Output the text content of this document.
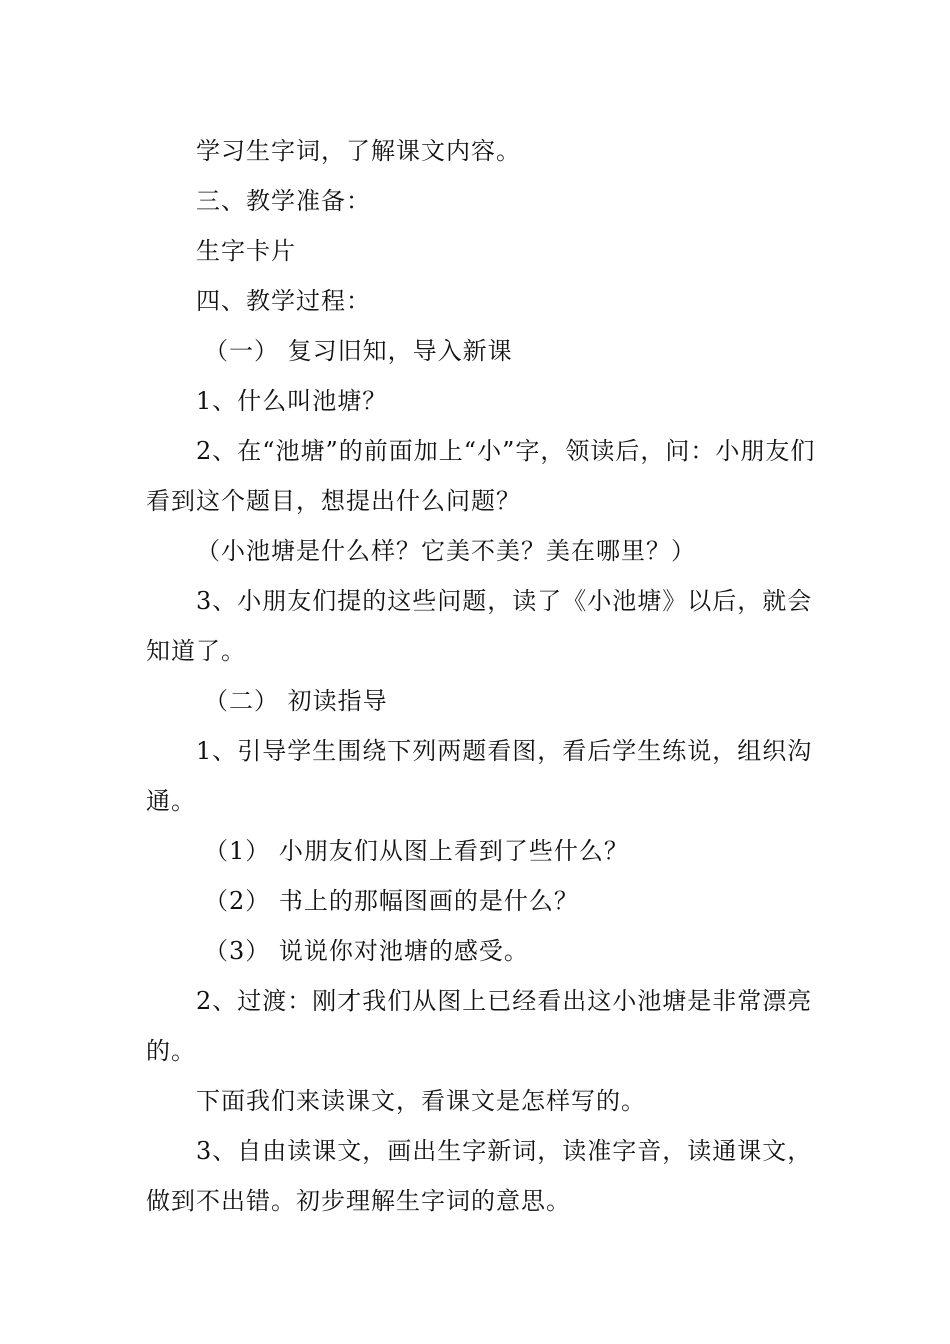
学习生字词，了解课文内容。

三、教学准备：

生字卡片

四、教学过程：

（一） 复习旧知，导入新课

1、什么叫池塘？

2、在“池塘”的前面加上“小”字，领读后，问：小朋友们看到这个题目，想提出什么问题？

（小池塘是什么样？它美不美？美在哪里？）

3、小朋友们提的这些问题，读了《小池塘》以后，就会知道了。

（二） 初读指导

1、引导学生围绕下列两题看图，看后学生练说，组织沟通。

（1） 小朋友们从图上看到了些什么？

（2） 书上的那幅图画的是什么？

（3） 说说你对池塘的感受。

2、过渡：刚才我们从图上已经看出这小池塘是非常漂亮的。

下面我们来读课文，看课文是怎样写的。

3、自由读课文，画出生字新词，读准字音，读通课文，做到不出错。初步理解生字词的意思。
